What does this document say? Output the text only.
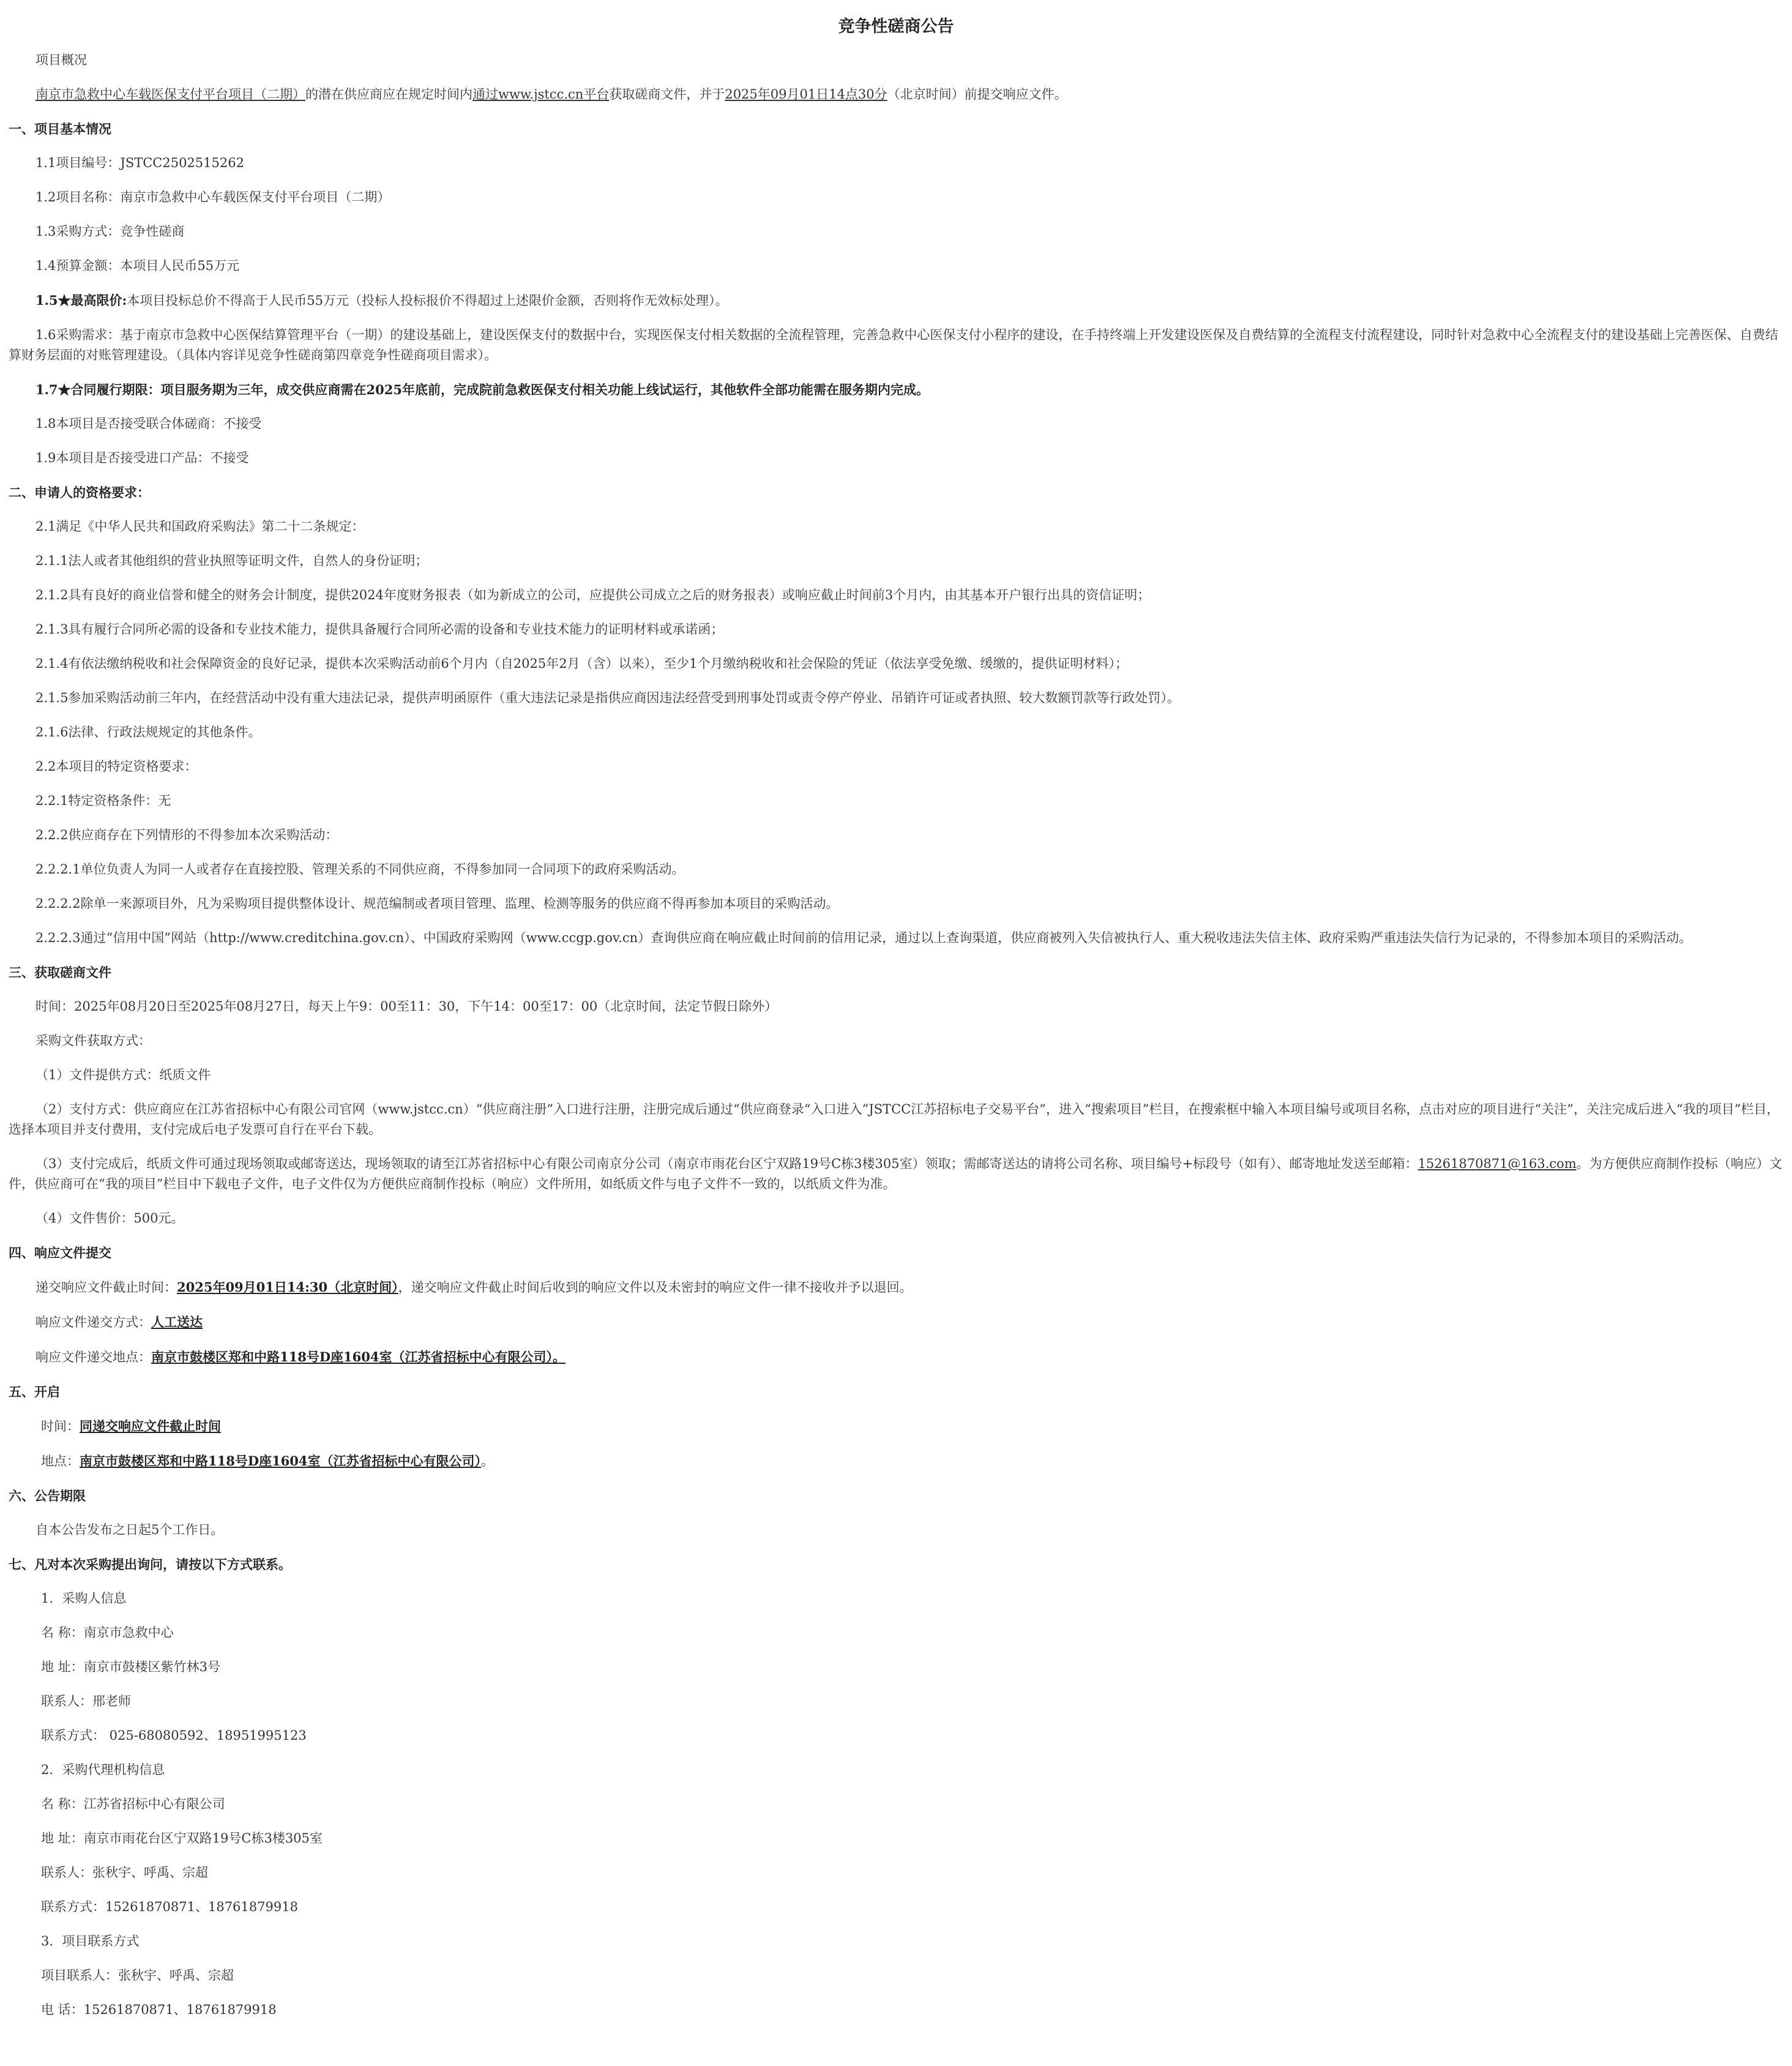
竞争性磋商公告
项目概况
南京市急救中心车载医保支付平台项目（二期）的潜在供应商应在规定时间内通过www.jstcc.cn平台获取磋商文件，并于2025年09月01日14点30分（北京时间）前提交响应文件。
一、项目基本情况
1.1项目编号：JSTCC2502515262
1.2项目名称：南京市急救中心车载医保支付平台项目（二期）
1.3采购方式：竞争性磋商
1.4预算金额：本项目人民币55万元
1.5★最高限价:本项目投标总价不得高于人民币55万元（投标人投标报价不得超过上述限价金额，否则将作无效标处理）。
1.6采购需求：基于南京市急救中心医保结算管理平台（一期）的建设基础上，建设医保支付的数据中台，实现医保支付相关数据的全流程管理，完善急救中心医保支付小程序的建设，在手持终端上开发建设医保及自费结算的全流程支付流程建设，同时针对急救中心全流程支付的建设基础上完善医保、自费结算财务层面的对账管理建设。（具体内容详见竞争性磋商第四章竞争性磋商项目需求）。
1.7★合同履行期限：项目服务期为三年，成交供应商需在2025年底前，完成院前急救医保支付相关功能上线试运行，其他软件全部功能需在服务期内完成。
1.8本项目是否接受联合体磋商：不接受
1.9本项目是否接受进口产品：不接受
二、申请人的资格要求：
2.1满足《中华人民共和国政府采购法》第二十二条规定：
2.1.1法人或者其他组织的营业执照等证明文件，自然人的身份证明；
2.1.2具有良好的商业信誉和健全的财务会计制度，提供2024年度财务报表（如为新成立的公司，应提供公司成立之后的财务报表）或响应截止时间前3个月内，由其基本开户银行出具的资信证明；
2.1.3具有履行合同所必需的设备和专业技术能力，提供具备履行合同所必需的设备和专业技术能力的证明材料或承诺函；
2.1.4有依法缴纳税收和社会保障资金的良好记录，提供本次采购活动前6个月内（自2025年2月（含）以来），至少1个月缴纳税收和社会保险的凭证（依法享受免缴、缓缴的，提供证明材料）；
2.1.5参加采购活动前三年内，在经营活动中没有重大违法记录，提供声明函原件（重大违法记录是指供应商因违法经营受到刑事处罚或责令停产停业、吊销许可证或者执照、较大数额罚款等行政处罚）。
2.1.6法律、行政法规规定的其他条件。
2.2本项目的特定资格要求：
2.2.1特定资格条件：无
2.2.2供应商存在下列情形的不得参加本次采购活动：
2.2.2.1单位负责人为同一人或者存在直接控股、管理关系的不同供应商，不得参加同一合同项下的政府采购活动。
2.2.2.2除单一来源项目外，凡为采购项目提供整体设计、规范编制或者项目管理、监理、检测等服务的供应商不得再参加本项目的采购活动。
2.2.2.3通过“信用中国”网站（http://www.creditchina.gov.cn）、中国政府采购网（www.ccgp.gov.cn）查询供应商在响应截止时间前的信用记录，通过以上查询渠道，供应商被列入失信被执行人、重大税收违法失信主体、政府采购严重违法失信行为记录的，不得参加本项目的采购活动。
三、获取磋商文件
时间：2025年08月20日至2025年08月27日，每天上午9：00至11：30，下午14：00至17：00（北京时间，法定节假日除外）
采购文件获取方式：
（1）文件提供方式：纸质文件
（2）支付方式：供应商应在江苏省招标中心有限公司官网（www.jstcc.cn）“供应商注册”入口进行注册，注册完成后通过“供应商登录“入口进入”JSTCC江苏招标电子交易平台”，进入“搜索项目”栏目，在搜索框中输入本项目编号或项目名称，点击对应的项目进行“关注”，关注完成后进入“我的项目”栏目，选择本项目并支付费用，支付完成后电子发票可自行在平台下载。
（3）支付完成后，纸质文件可通过现场领取或邮寄送达，现场领取的请至江苏省招标中心有限公司南京分公司（南京市雨花台区宁双路19号C栋3楼305室）领取；需邮寄送达的请将公司名称、项目编号+标段号（如有）、邮寄地址发送至邮箱：15261870871@163.com。为方便供应商制作投标（响应）文件，供应商可在“我的项目”栏目中下载电子文件，电子文件仅为方便供应商制作投标（响应）文件所用，如纸质文件与电子文件不一致的，以纸质文件为准。
（4）文件售价：500元。
四、响应文件提交
递交响应文件截止时间：2025年09月01日14:30（北京时间），递交响应文件截止时间后收到的响应文件以及未密封的响应文件一律不接收并予以退回。
响应文件递交方式：人工送达
响应文件递交地点：南京市鼓楼区郑和中路118号D座1604室（江苏省招标中心有限公司）。
五、开启
时间：同递交响应文件截止时间
地点：南京市鼓楼区郑和中路118号D座1604室（江苏省招标中心有限公司）。
六、公告期限
自本公告发布之日起5个工作日。
七、凡对本次采购提出询问，请按以下方式联系。
1．采购人信息
名 称：南京市急救中心
地 址：南京市鼓楼区紫竹林3号
联系人：邢老师
联系方式： 025-68080592、18951995123
2．采购代理机构信息
名 称：江苏省招标中心有限公司
地 址：南京市雨花台区宁双路19号C栋3楼305室
联系人：张秋宇、呼禹、宗超
联系方式：15261870871、18761879918
3．项目联系方式
项目联系人：张秋宇、呼禹、宗超
电 话：15261870871、18761879918
